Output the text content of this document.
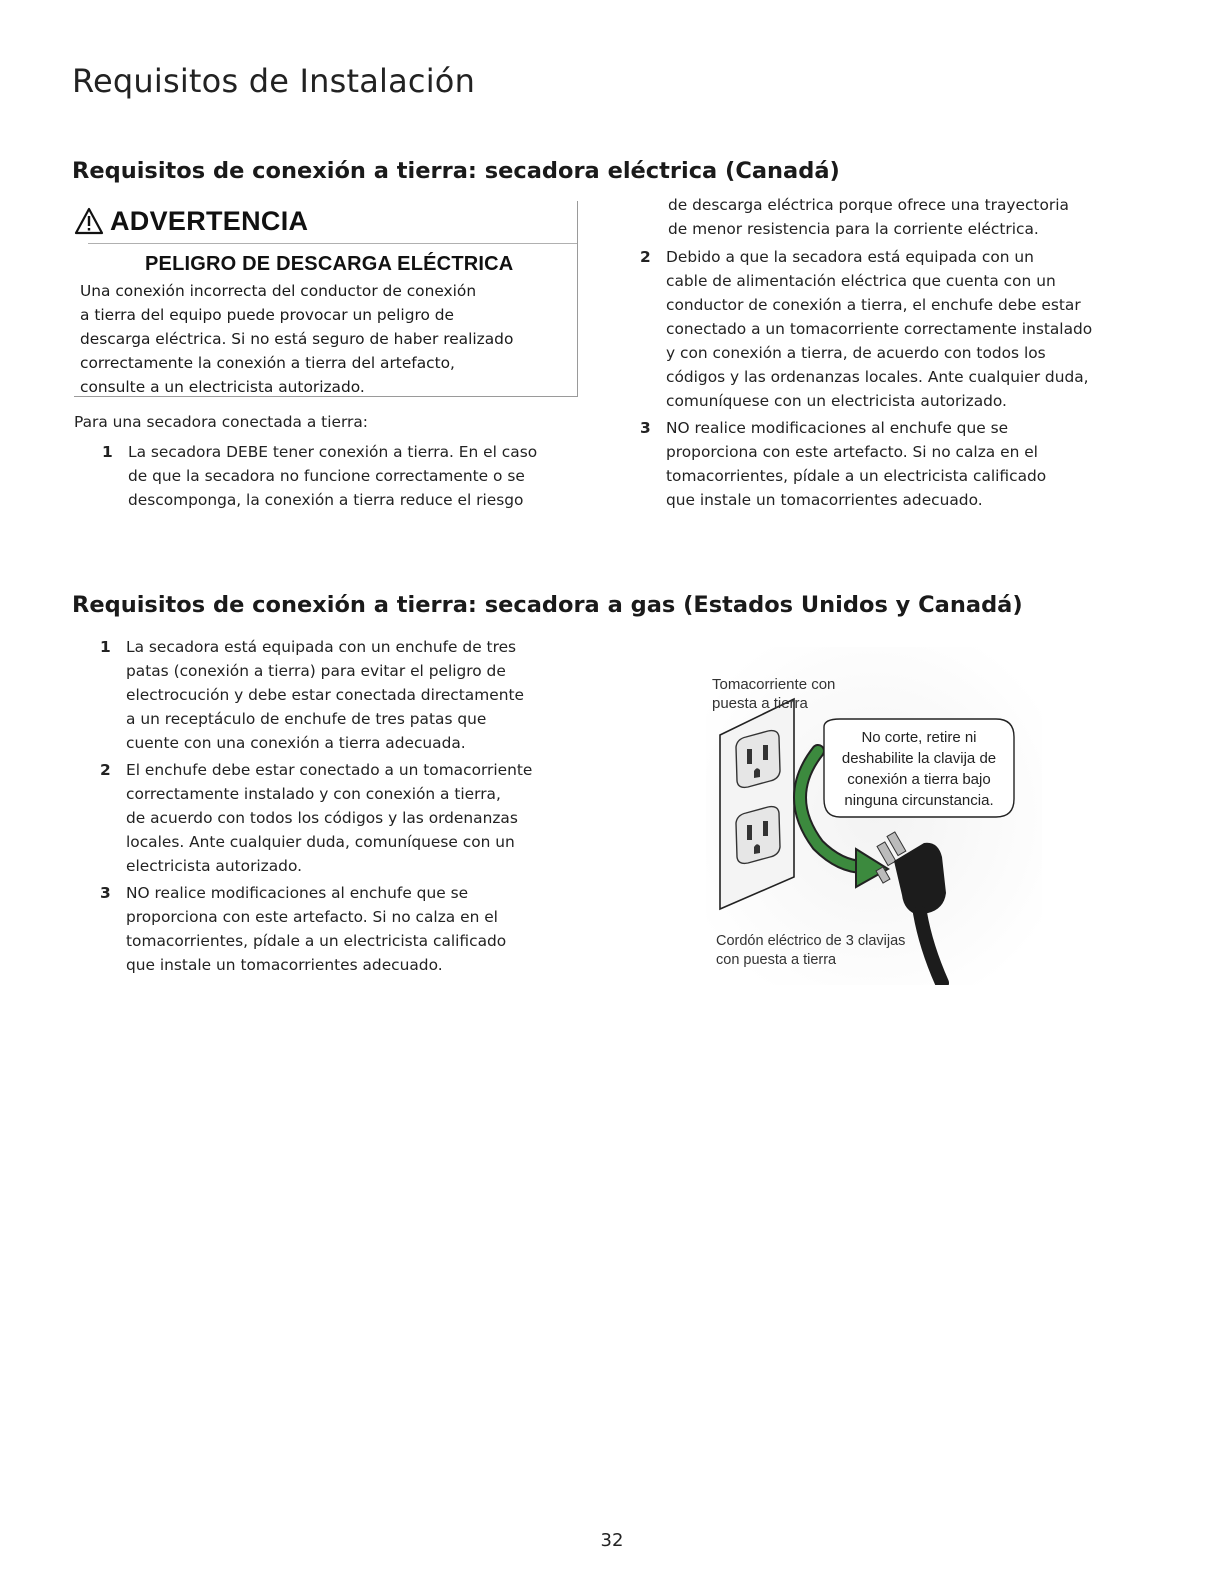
Requisitos de Instalación
Requisitos de conexión a tierra: secadora eléctrica (Canadá)
ADVERTENCIA
PELIGRO DE DESCARGA ELÉCTRICA
Una conexión incorrecta del conductor de conexión
a tierra del equipo puede provocar un peligro de
descarga eléctrica. Si no está seguro de haber realizado
correctamente la conexión a tierra del artefacto,
consulte a un electricista autorizado.
Para una secadora conectada a tierra:
1 La secadora DEBE tener conexión a tierra. En el caso
de que la secadora no funcione correctamente o se
descomponga, la conexión a tierra reduce el riesgo
de descarga eléctrica porque ofrece una trayectoria
de menor resistencia para la corriente eléctrica.
2 Debido a que la secadora está equipada con un
cable de alimentación eléctrica que cuenta con un
conductor de conexión a tierra, el enchufe debe estar
conectado a un tomacorriente correctamente instalado
y con conexión a tierra, de acuerdo con todos los
códigos y las ordenanzas locales. Ante cualquier duda,
comuníquese con un electricista autorizado.
3 NO realice modificaciones al enchufe que se
proporciona con este artefacto. Si no calza en el
tomacorrientes, pídale a un electricista calificado
que instale un tomacorrientes adecuado.
Requisitos de conexión a tierra: secadora a gas (Estados Unidos y Canadá)
1 La secadora está equipada con un enchufe de tres
patas (conexión a tierra) para evitar el peligro de
electrocución y debe estar conectada directamente
a un receptáculo de enchufe de tres patas que
cuente con una conexión a tierra adecuada.
2 El enchufe debe estar conectado a un tomacorriente
correctamente instalado y con conexión a tierra,
de acuerdo con todos los códigos y las ordenanzas
locales. Ante cualquier duda, comuníquese con un
electricista autorizado.
3 NO realice modificaciones al enchufe que se
proporciona con este artefacto. Si no calza en el
tomacorrientes, pídale a un electricista calificado
que instale un tomacorrientes adecuado.
Tomacorriente con
puesta a tierra
No corte, retire ni
deshabilite la clavija de
conexión a tierra bajo
ninguna circunstancia.
Cordón eléctrico de 3 clavijas
con puesta a tierra
32
